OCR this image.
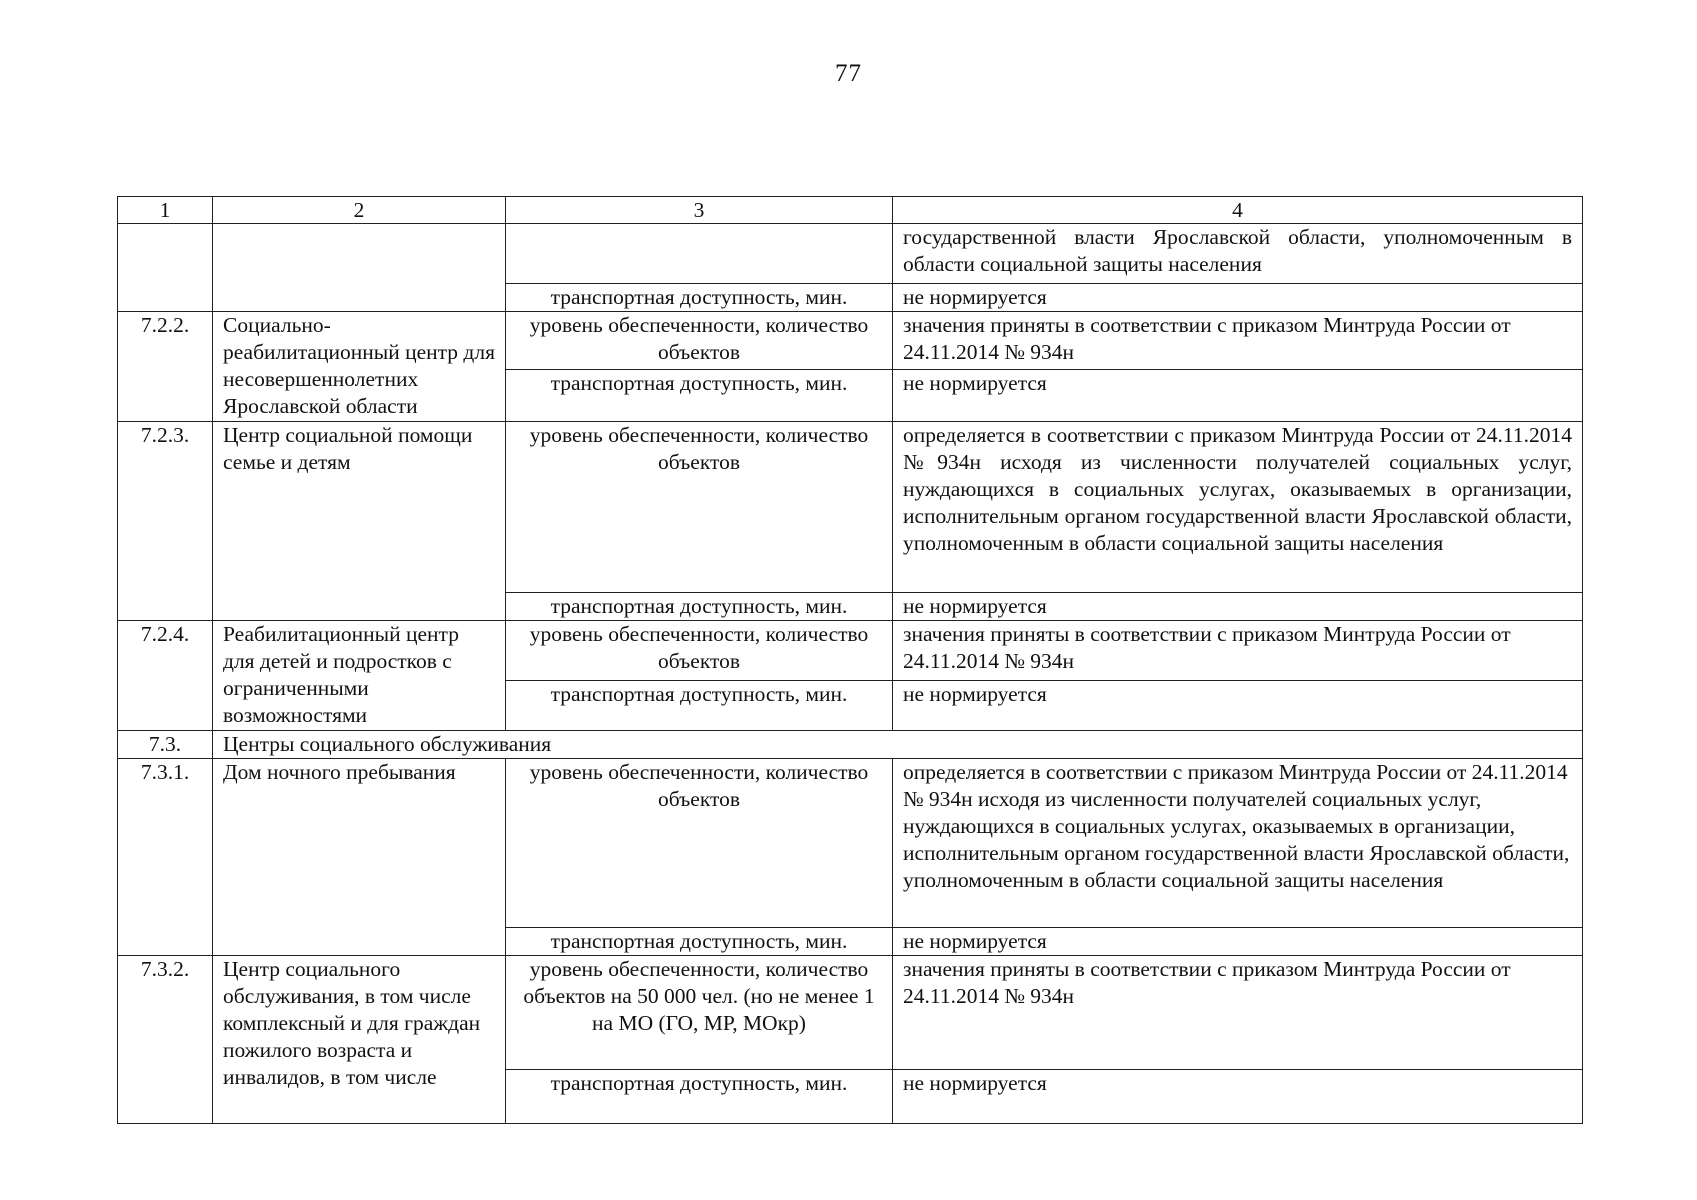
77
1	2	3	4
			государственной власти Ярославской области, уполномоченным в области социальной защиты населения
		транспортная доступность, мин.	не нормируется
7.2.2.	Социально-реабилитационный центр для несовершеннолетних Ярославской области	уровень обеспеченности, количество объектов	значения приняты в соответствии с приказом Минтруда России от 24.11.2014 № 934н
		транспортная доступность, мин.	не нормируется
7.2.3.	Центр социальной помощи семье и детям	уровень обеспеченности, количество объектов	определяется в соответствии с приказом Минтруда России от 24.11.2014 №934н исходя из численности получателей социальных услуг, нуждающихся в социальных услугах, оказываемых в организации, исполнительным органом государственной власти Ярославской области, уполномоченным в области социальной защиты населения
		транспортная доступность, мин.	не нормируется
7.2.4.	Реабилитационный центр для детей и подростков с ограниченными возможностями	уровень обеспеченности, количество объектов	значения приняты в соответствии с приказом Минтруда России от 24.11.2014 № 934н
		транспортная доступность, мин.	не нормируется
7.3.	Центры социального обслуживания		
7.3.1.	Дом ночного пребывания	уровень обеспеченности, количество объектов	определяется в соответствии с приказом Минтруда России от 24.11.2014 № 934н исходя из численности получателей социальных услуг, нуждающихся в социальных услугах, оказываемых в организации, исполнительным органом государственной власти Ярославской области, уполномоченным в области социальной защиты населения
		транспортная доступность, мин.	не нормируется
7.3.2.	Центр социального обслуживания, в том числе комплексный и для граждан пожилого возраста и инвалидов, в том числе	уровень обеспеченности, количество объектов на 50 000 чел. (но не менее 1 на МО (ГО, МР, МОкр)	значения приняты в соответствии с приказом Минтруда России от 24.11.2014 № 934н
		транспортная доступность, мин.	не нормируется
